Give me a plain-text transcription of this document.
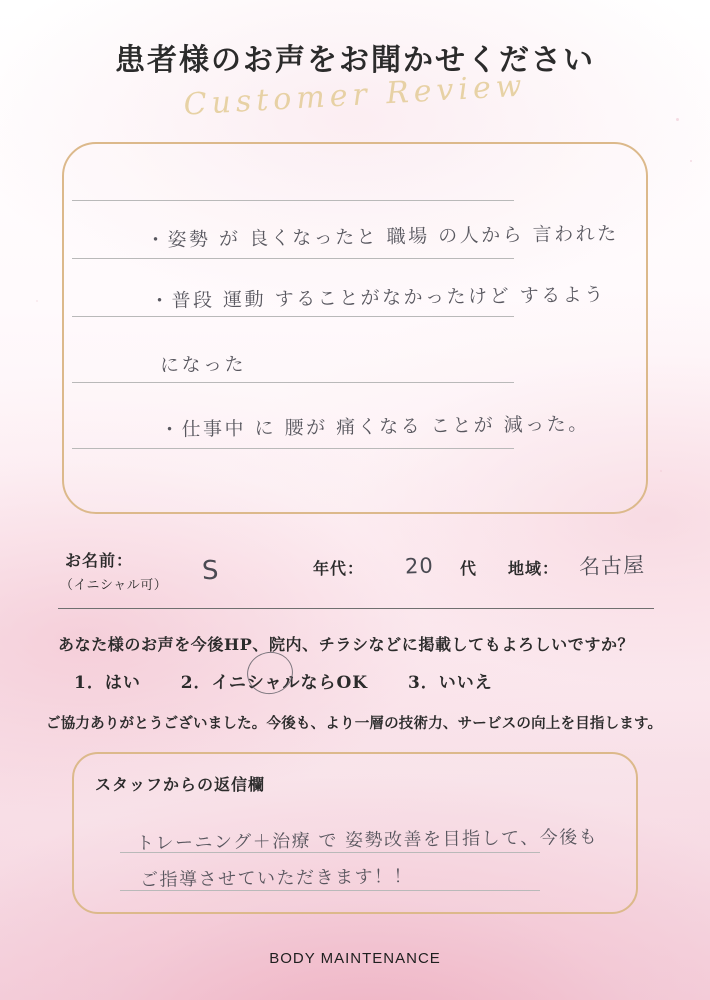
患者様のお声をお聞かせください
Customer Review
・姿勢 が 良くなったと 職場 の人から 言われた
・普段 運動 することがなかったけど するよう
になった
・仕事中 に 腰が 痛くなる ことが 減った。
お名前：
（イニシャル可） S	年代： 20 代 地域： 名古屋
あなた様のお声を今後HP、院内、チラシなどに掲載してもよろしいですか？
1．はい 2．イニシャルならOK 3．いいえ
ご協力ありがとうございました。今後も、より一層の技術力、サービスの向上を目指します。
スタッフからの返信欄
トレーニング＋治療 で 姿勢改善を目指して、今後も
ご指導させていただきます！！
BODY MAINTENANCE
